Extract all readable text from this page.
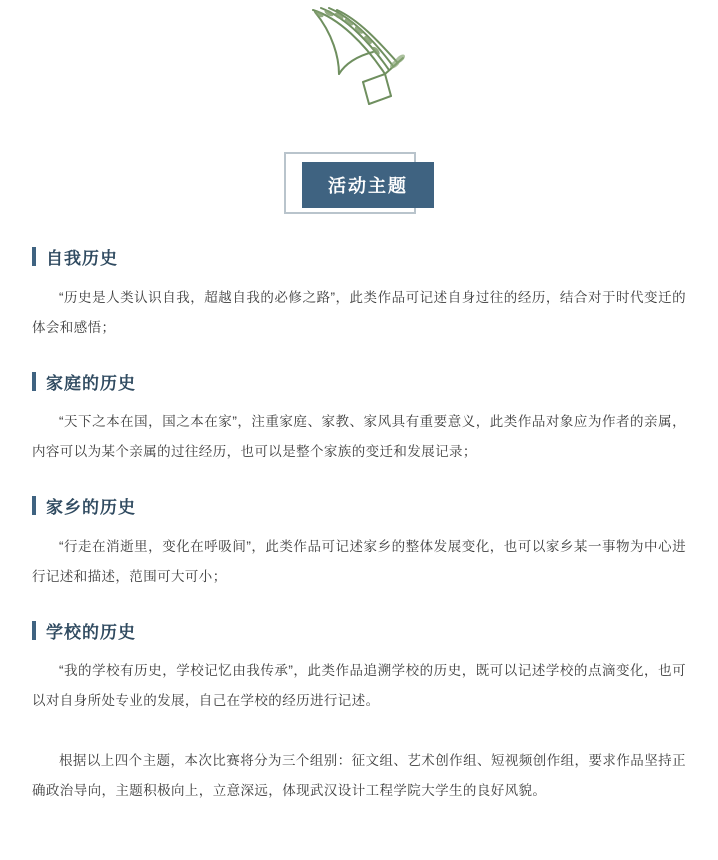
活动主题
自我历史

“历史是人类认识自我，超越自我的必修之路”，此类作品可记述自身过往的经历，结合对于时代变迁的体会和感悟；

家庭的历史

“天下之本在国，国之本在家”，注重家庭、家教、家风具有重要意义，此类作品对象应为作者的亲属，内容可以为某个亲属的过往经历，也可以是整个家族的变迁和发展记录；

家乡的历史

“行走在消逝里，变化在呼吸间”，此类作品可记述家乡的整体发展变化，也可以家乡某一事物为中心进行记述和描述，范围可大可小；

学校的历史

“我的学校有历史，学校记忆由我传承”，此类作品追溯学校的历史，既可以记述学校的点滴变化，也可以对自身所处专业的发展，自己在学校的经历进行记述。

根据以上四个主题，本次比赛将分为三个组别：征文组、艺术创作组、短视频创作组，要求作品坚持正确政治导向，主题积极向上，立意深远，体现武汉设计工程学院大学生的良好风貌。
